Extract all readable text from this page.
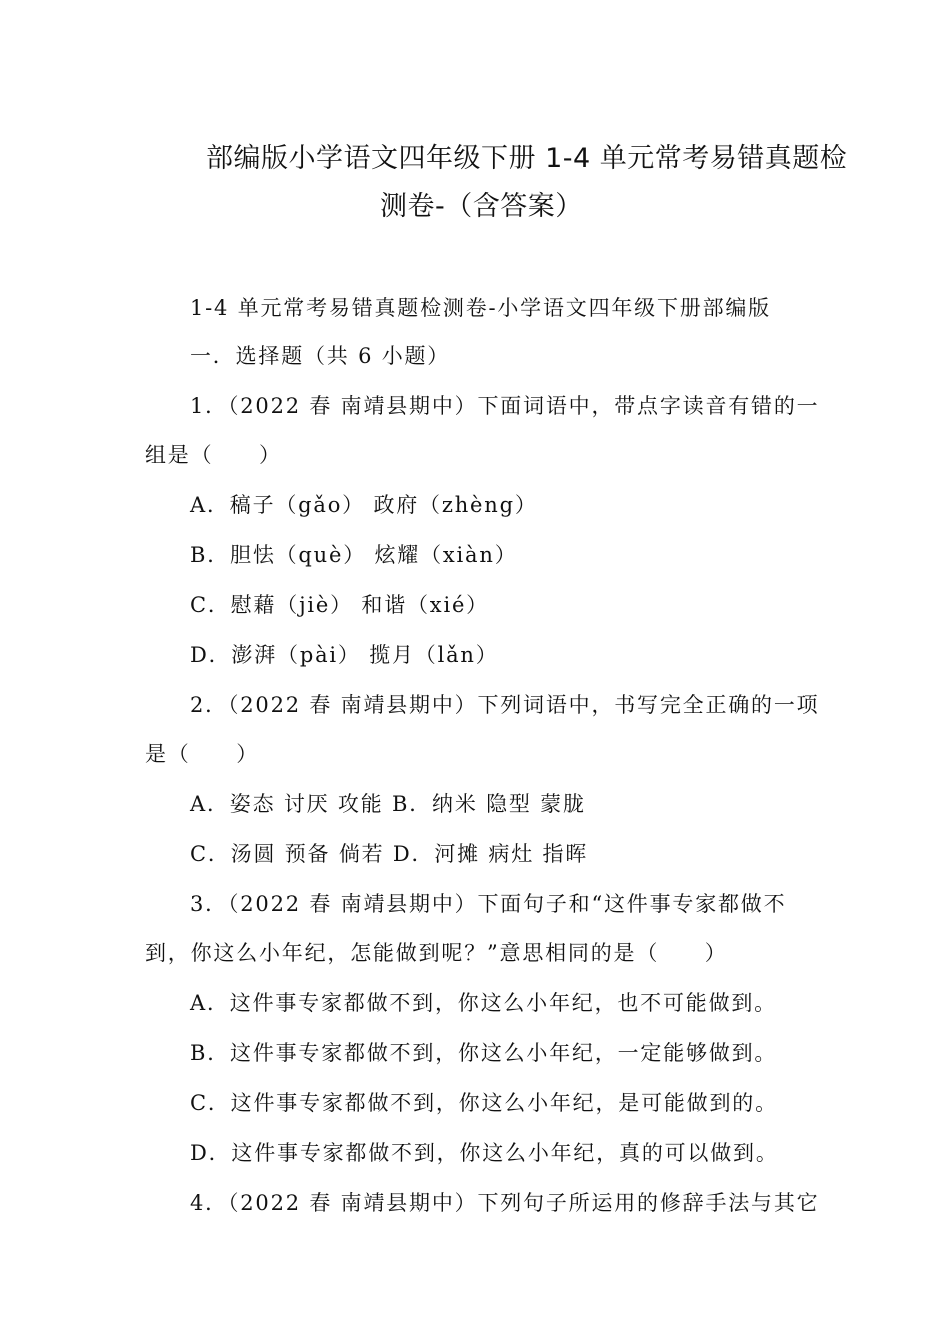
部编版小学语文四年级下册 1-4 单元常考易错真题检
测卷-（含答案）
1-4 单元常考易错真题检测卷-小学语文四年级下册部编版
一．选择题（共 6 小题）
1．（2022 春 南靖县期中）下面词语中，带点字读音有错的一
组是（　　）
A．稿子（gǎo） 政府（zhèng）
B．胆怯（què） 炫耀（xiàn）
C．慰藉（jiè） 和谐（xié）
D．澎湃（pài） 揽月（lǎn）
2．（2022 春 南靖县期中）下列词语中，书写完全正确的一项
是（　　）
A．姿态 讨厌 攻能 B．纳米 隐型 蒙胧
C．汤圆 预备 倘若 D．河摊 病灶 指晖
3．（2022 春 南靖县期中）下面句子和“这件事专家都做不
到，你这么小年纪，怎能做到呢？”意思相同的是（　　）
A．这件事专家都做不到，你这么小年纪，也不可能做到。
B．这件事专家都做不到，你这么小年纪，一定能够做到。
C．这件事专家都做不到，你这么小年纪，是可能做到的。
D．这件事专家都做不到，你这么小年纪，真的可以做到。
4．（2022 春 南靖县期中）下列句子所运用的修辞手法与其它
